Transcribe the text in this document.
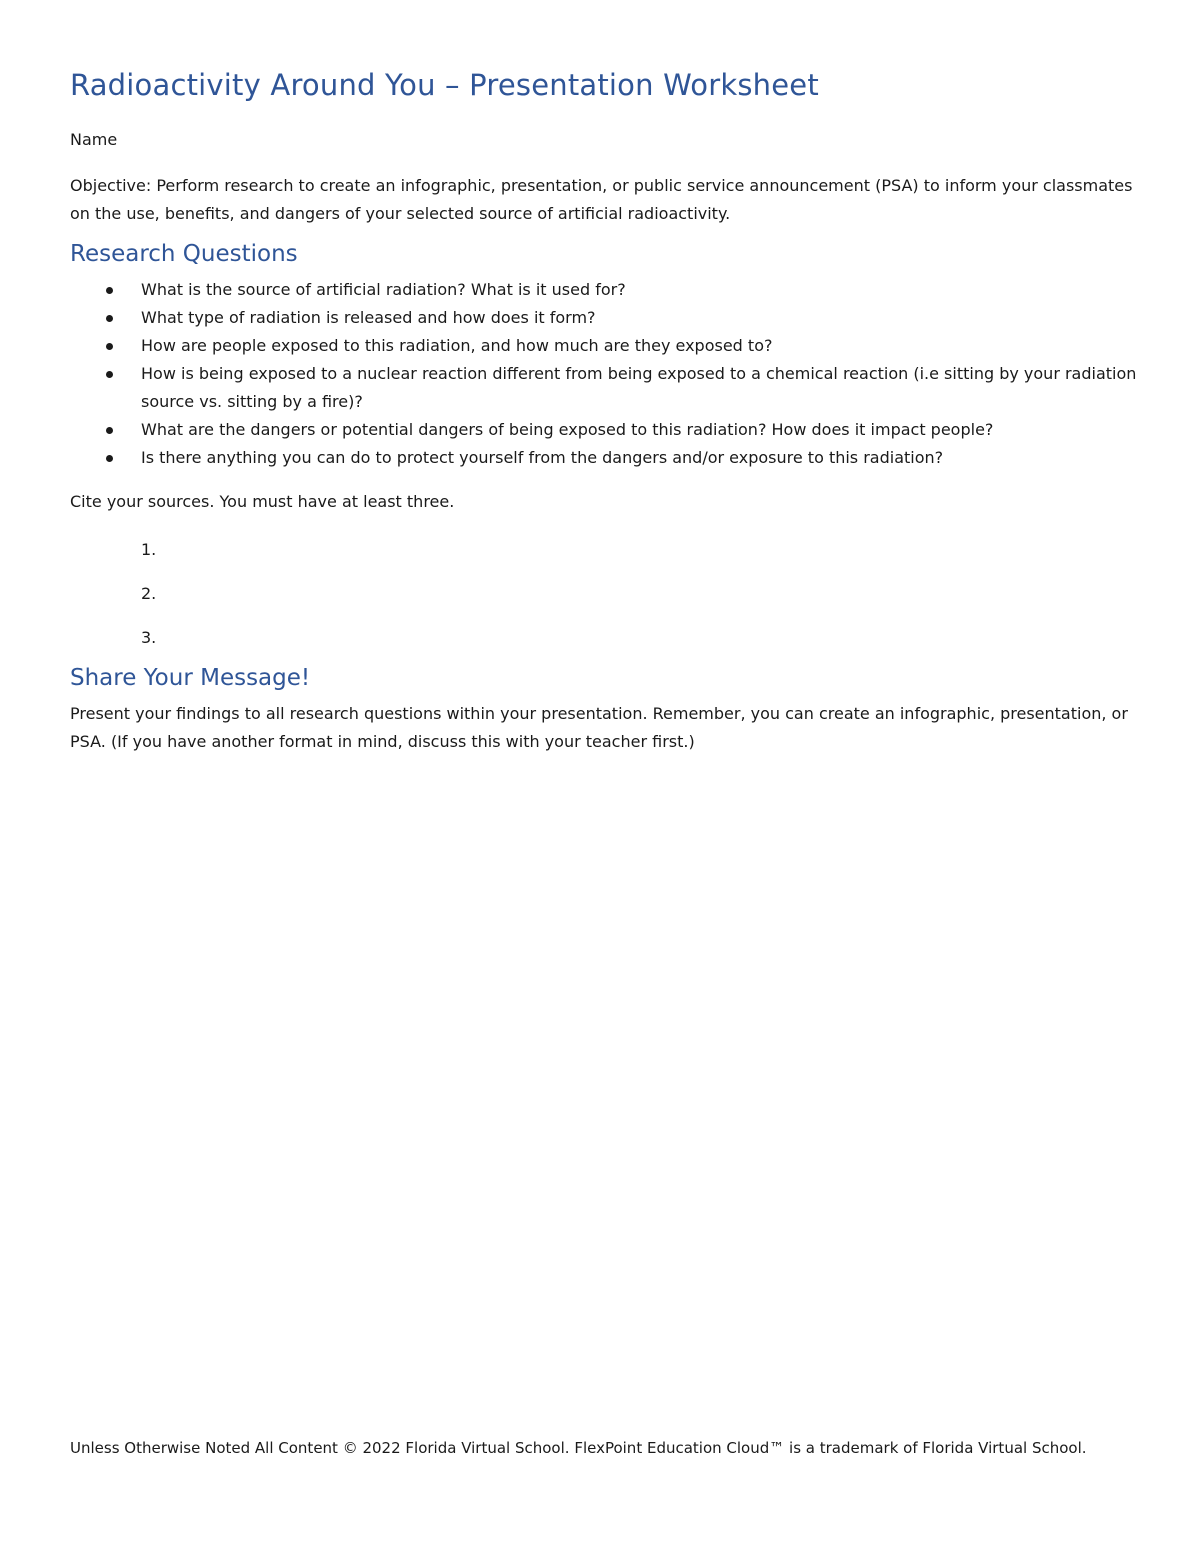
Radioactivity Around You – Presentation Worksheet
Name
Objective: Perform research to create an infographic, presentation, or public service announcement (PSA) to inform your classmates on the use, benefits, and dangers of your selected source of artificial radioactivity.
Research Questions
What is the source of artificial radiation? What is it used for?
What type of radiation is released and how does it form?
How are people exposed to this radiation, and how much are they exposed to?
How is being exposed to a nuclear reaction different from being exposed to a chemical reaction (i.e sitting by your radiation source vs. sitting by a fire)?
What are the dangers or potential dangers of being exposed to this radiation? How does it impact people?
Is there anything you can do to protect yourself from the dangers and/or exposure to this radiation?
Cite your sources. You must have at least three.
1.
2.
3.
Share Your Message!
Present your findings to all research questions within your presentation. Remember, you can create an infographic, presentation, or PSA. (If you have another format in mind, discuss this with your teacher first.)
Unless Otherwise Noted All Content © 2022 Florida Virtual School. FlexPoint Education Cloud™ is a trademark of Florida Virtual School.
